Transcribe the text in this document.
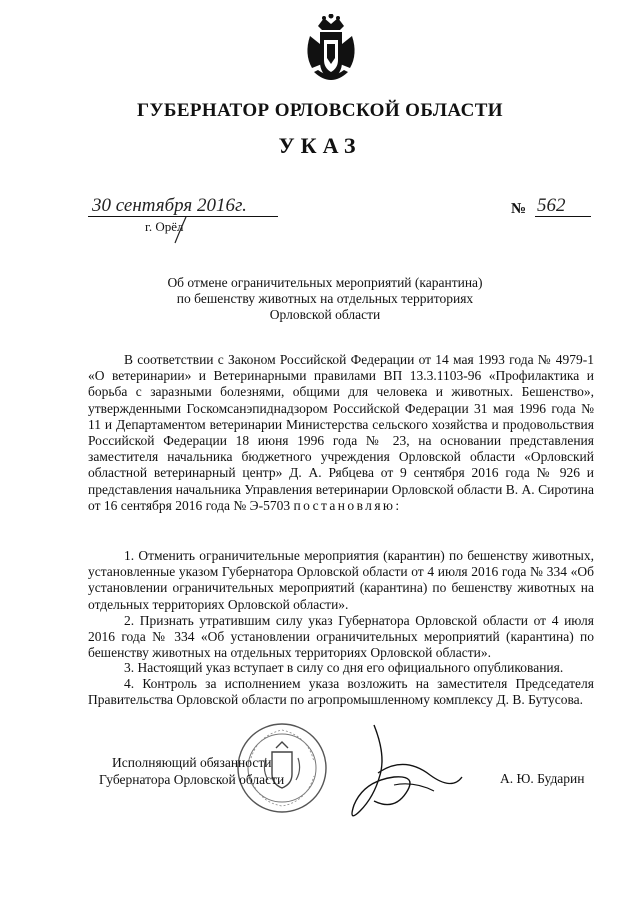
ГУБЕРНАТОР ОРЛОВСКОЙ ОБЛАСТИ
УКАЗ
30 сентября 2016г.
г. Орёл
№ 562
Об отмене ограничительных мероприятий (карантина) по бешенству животных на отдельных территориях Орловской области
В соответствии с Законом Российской Федерации от 14 мая 1993 года № 4979-1 «О ветеринарии» и Ветеринарными правилами ВП 13.3.1103-96 «Профилактика и борьба с заразными болезнями, общими для человека и животных. Бешенство», утвержденными Госкомсанэпиднадзором Российской Федерации 31 мая 1996 года № 11 и Департаментом ветеринарии Министерства сельского хозяйства и продовольствия Российской Федерации 18 июня 1996 года № 23, на основании представления заместителя начальника бюджетного учреждения Орловской области «Орловский областной ветеринарный центр» Д. А. Рябцева от 9 сентября 2016 года № 926 и представления начальника Управления ветеринарии Орловской области В. А. Сиротина от 16 сентября 2016 года № Э-5703 постановляю:
1. Отменить ограничительные мероприятия (карантин) по бешенству животных, установленные указом Губернатора Орловской области от 4 июля 2016 года № 334 «Об установлении ограничительных мероприятий (карантина) по бешенству животных на отдельных территориях Орловской области».
2. Признать утратившим силу указ Губернатора Орловской области от 4 июля 2016 года № 334 «Об установлении ограничительных мероприятий (карантина) по бешенству животных на отдельных территориях Орловской области».
3. Настоящий указ вступает в силу со дня его официального опубликования.
4. Контроль за исполнением указа возложить на заместителя Председателя Правительства Орловской области по агропромышленному комплексу Д. В. Бутусова.
Исполняющий обязанности
Губернатора Орловской области	А. Ю. Бударин
